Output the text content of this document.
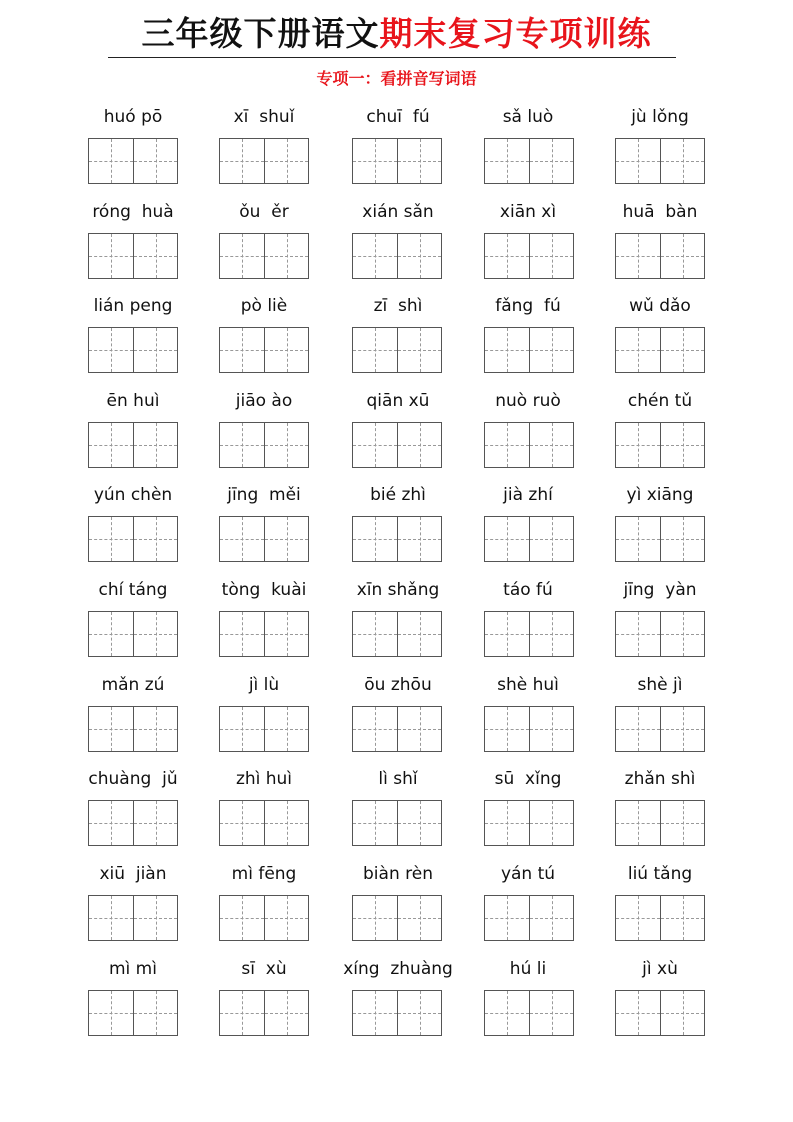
三年级下册语文期末复习专项训练
专项一：看拼音写词语
huó pō	xī  shuǐ	chuī  fú	sǎ luò	jù lǒng
róng  huà	ǒu  ěr	xián sǎn	xiān xì	huā  bàn
lián peng	pò liè	zī  shì	fǎng  fú	wǔ dǎo
ēn huì	jiāo ào	qiān xū	nuò ruò	chén tǔ
yún chèn	jīng  měi	bié zhì	jià zhí	yì xiāng
chí táng	tòng  kuài	xīn shǎng	táo fú	jīng  yàn
mǎn zú	jì lù	ōu zhōu	shè huì	shè jì
chuàng  jǔ	zhì huì	lì shǐ	sū  xǐng	zhǎn shì
xiū  jiàn	mì fēng	biàn rèn	yán tú	liú tǎng
mì mì	sī  xù	xíng  zhuàng	hú li	jì xù
